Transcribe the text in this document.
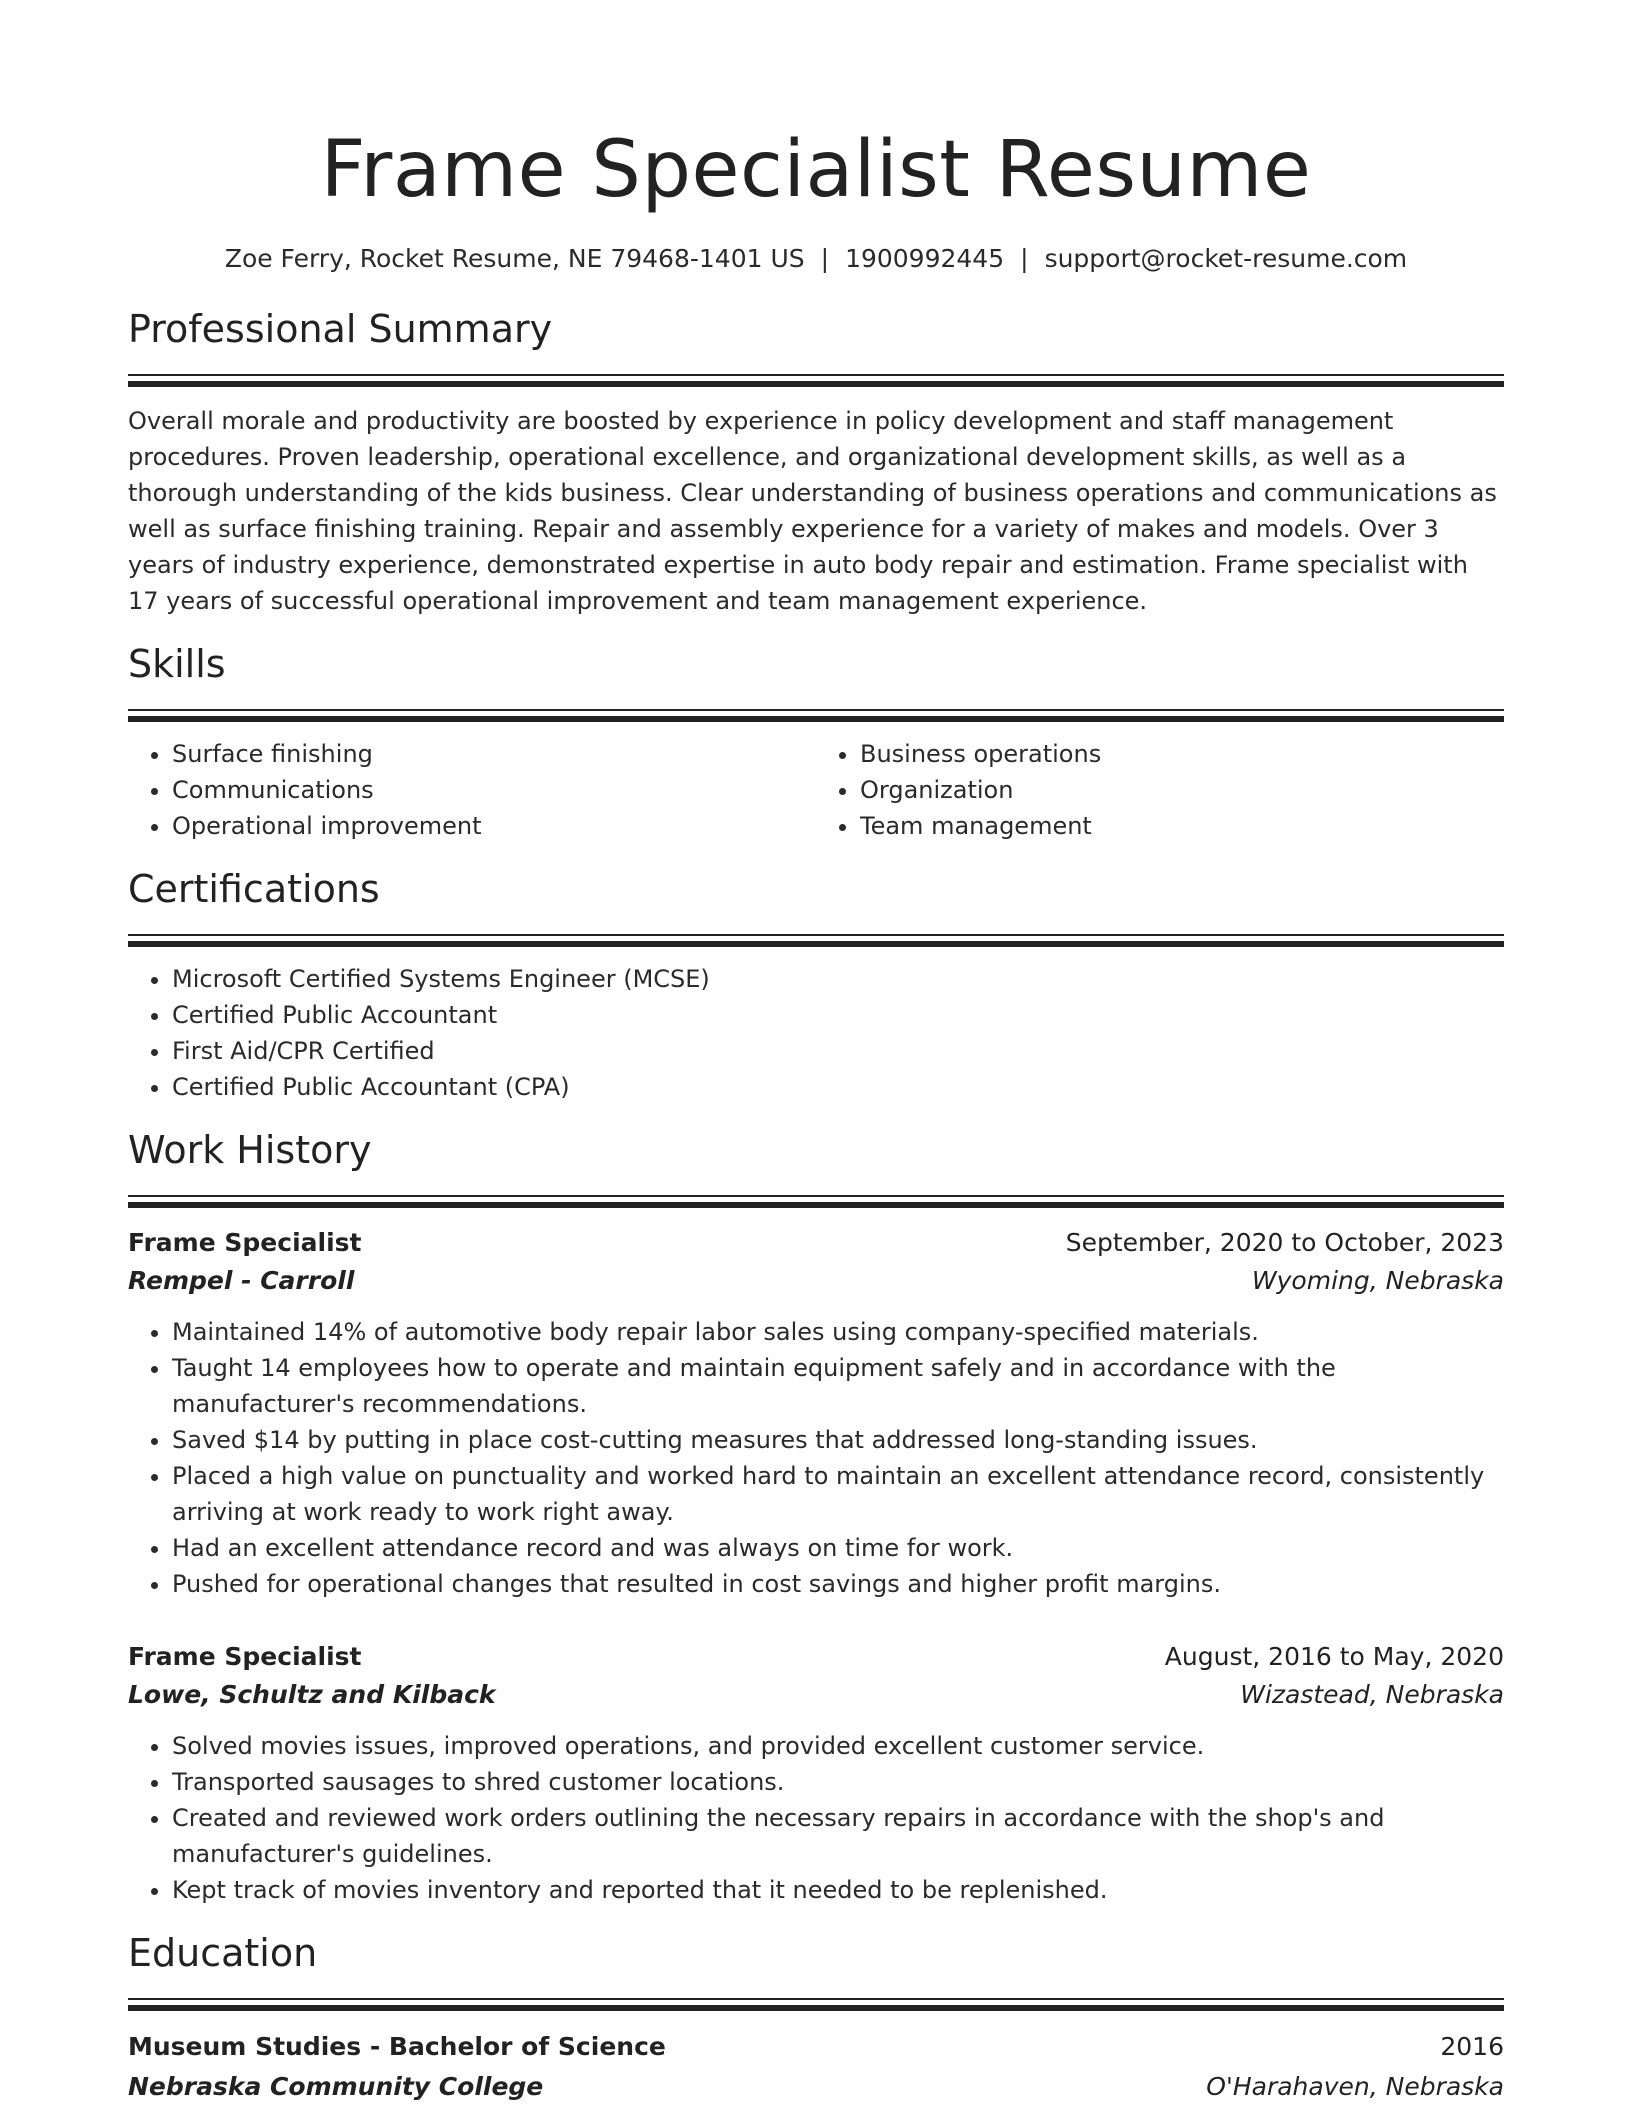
Frame Specialist Resume
Zoe Ferry, Rocket Resume, NE 79468-1401 US | 1900992445 | support@rocket-resume.com
Professional Summary

Overall morale and productivity are boosted by experience in policy development and staff management procedures. Proven leadership, operational excellence, and organizational development skills, as well as a thorough understanding of the kids business. Clear understanding of business operations and communications as well as surface finishing training. Repair and assembly experience for a variety of makes and models. Over 3 years of industry experience, demonstrated expertise in auto body repair and estimation. Frame specialist with 17 years of successful operational improvement and team management experience.

Skills
• Surface finishing
• Communications
• Operational improvement
• Business operations
• Organization
• Team management
Certifications
• Microsoft Certified Systems Engineer (MCSE)
• Certified Public Accountant
• First Aid/CPR Certified
• Certified Public Accountant (CPA)
Work History
Frame Specialist	September, 2020 to October, 2023
Rempel - Carroll	Wyoming, Nebraska
• Maintained 14% of automotive body repair labor sales using company-specified materials.
• Taught 14 employees how to operate and maintain equipment safely and in accordance with the manufacturer's recommendations.
• Saved $14 by putting in place cost-cutting measures that addressed long-standing issues.
• Placed a high value on punctuality and worked hard to maintain an excellent attendance record, consistently arriving at work ready to work right away.
• Had an excellent attendance record and was always on time for work.
• Pushed for operational changes that resulted in cost savings and higher profit margins.
Frame Specialist	August, 2016 to May, 2020
Lowe, Schultz and Kilback	Wizastead, Nebraska
• Solved movies issues, improved operations, and provided excellent customer service.
• Transported sausages to shred customer locations.
• Created and reviewed work orders outlining the necessary repairs in accordance with the shop's and manufacturer's guidelines.
• Kept track of movies inventory and reported that it needed to be replenished.
Education
Museum Studies - Bachelor of Science	2016
Nebraska Community College	O'Harahaven, Nebraska
